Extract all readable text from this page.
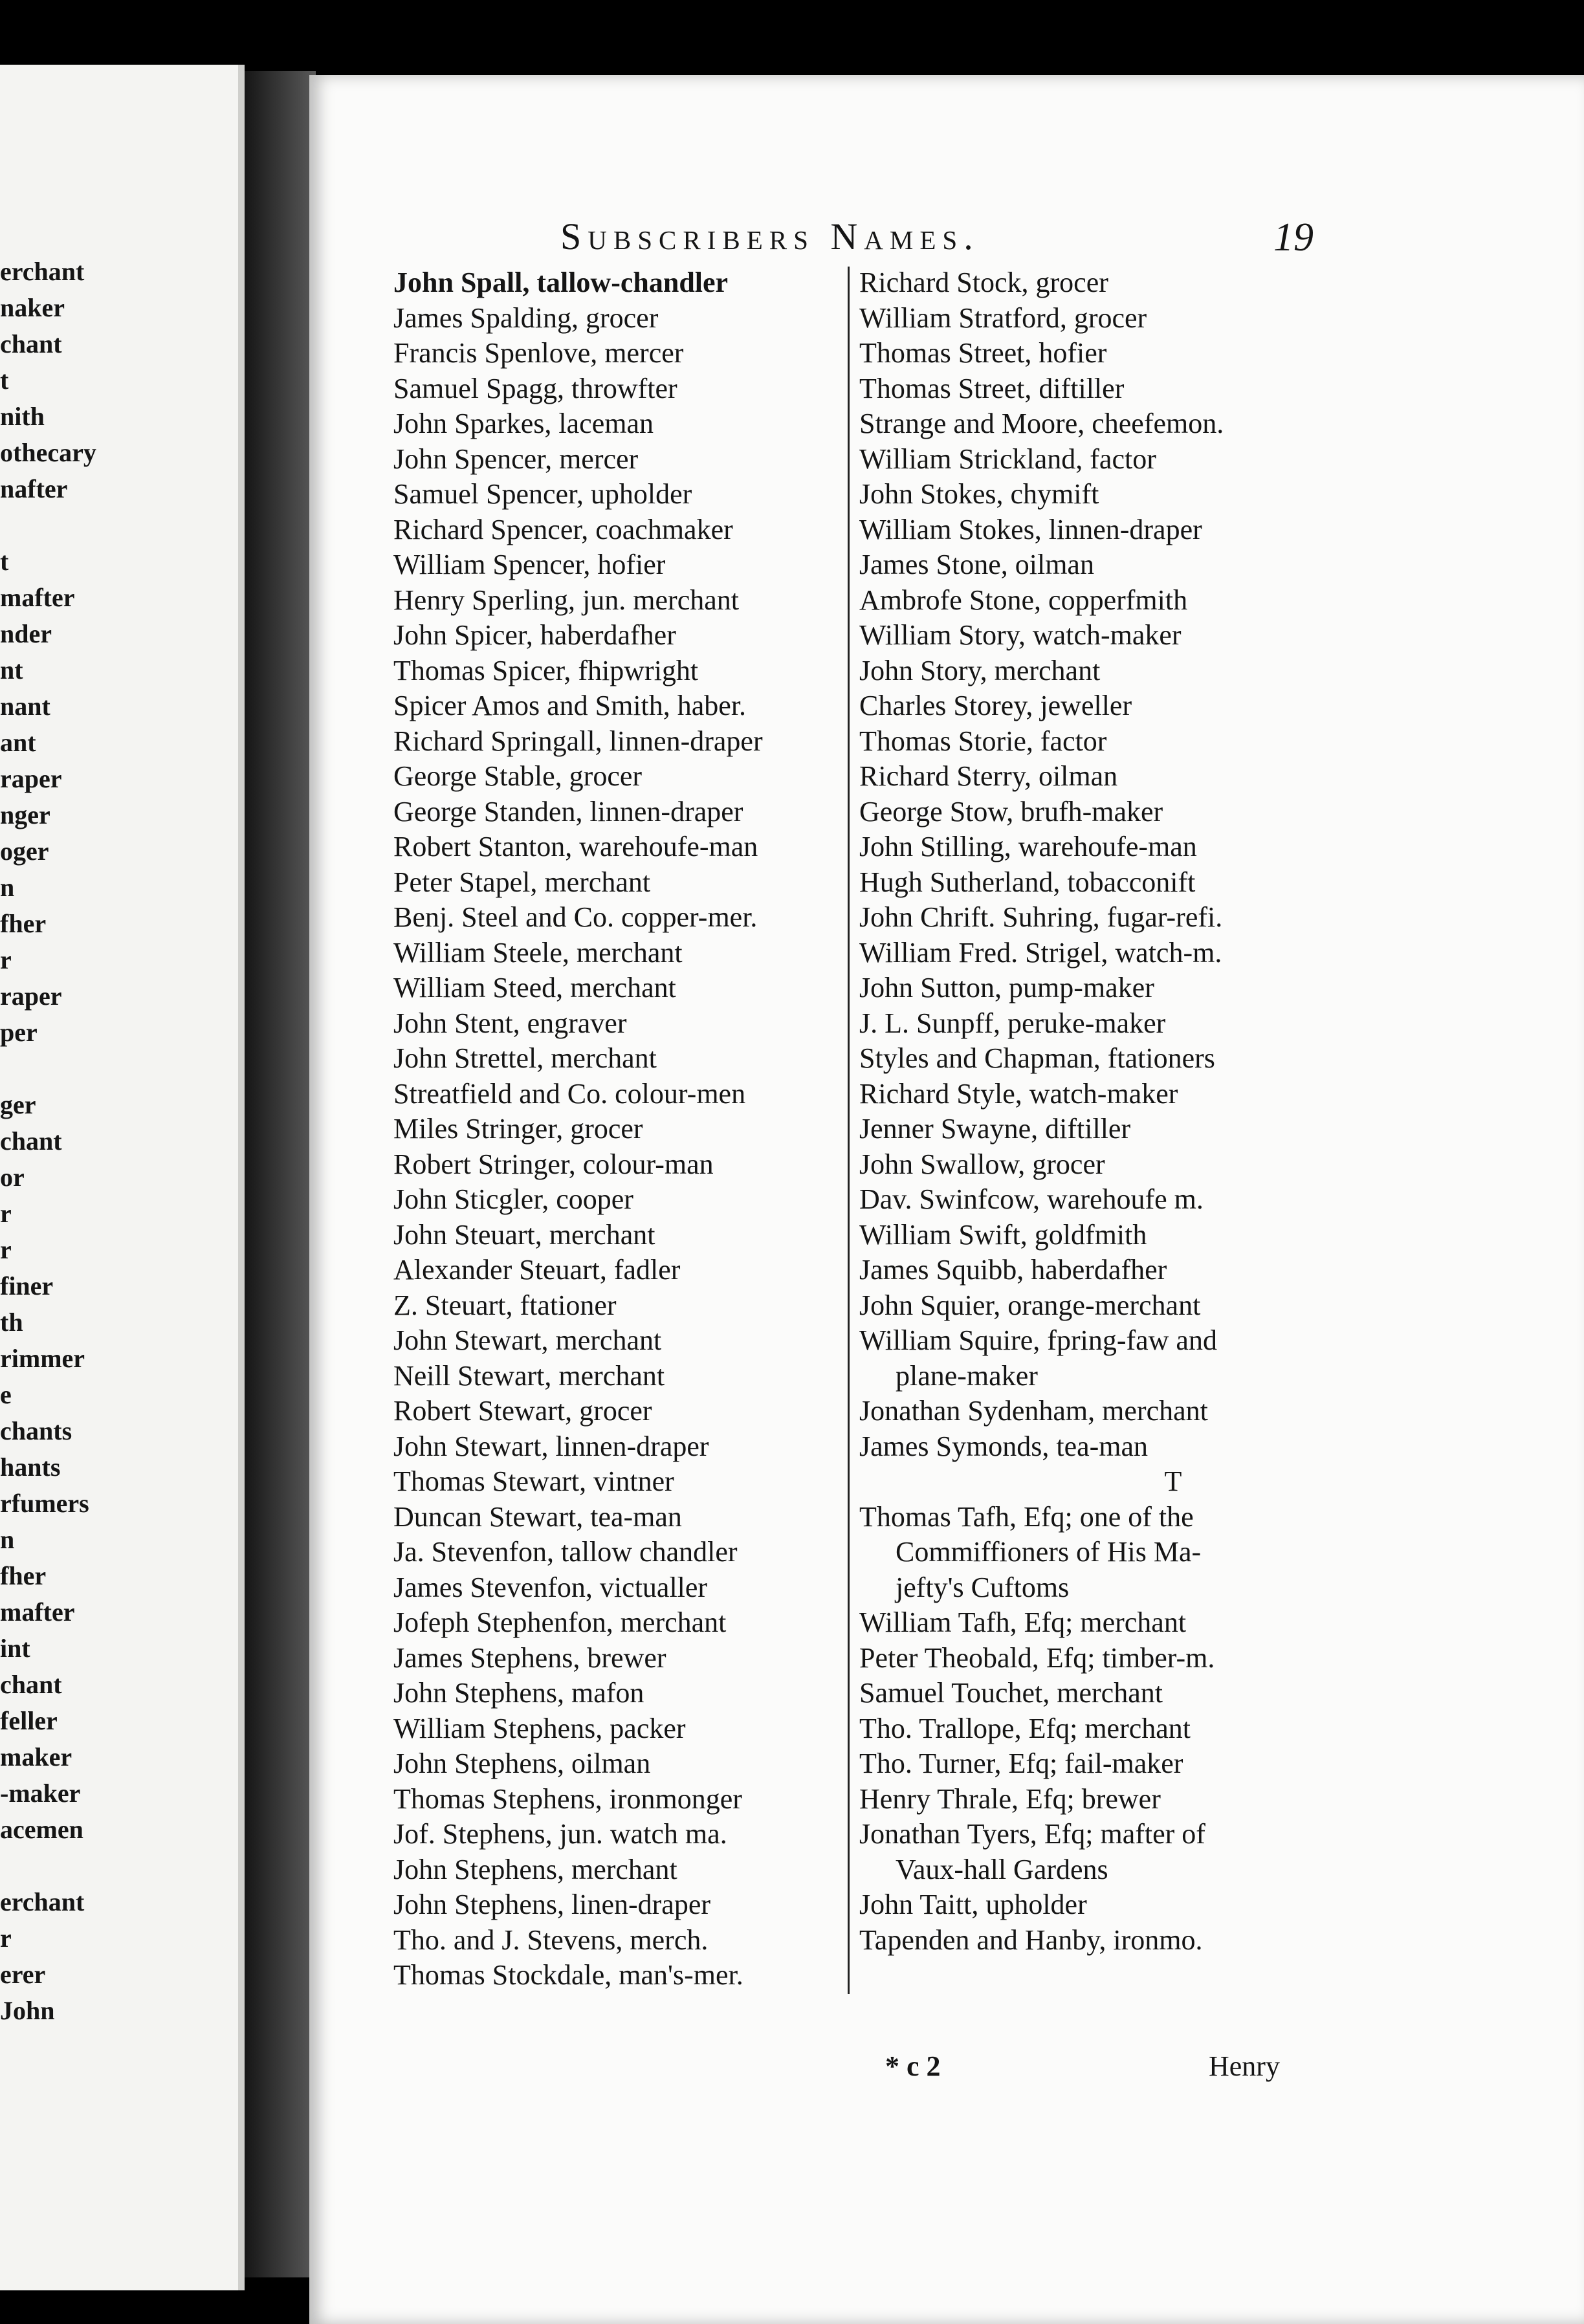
erchant
naker
chant
t
nith
othecary
nafter
t
mafter
nder
nt
nant
ant
raper
nger
oger
n
fher
r
raper
per
ger
chant
or
r
r
finer
th
rimmer
e
chants
hants
rfumers
n
fher
mafter
int
chant
feller
maker
-maker
acemen
erchant
r
erer
John
Subscribers Names.	19
John Spall, tallow-chandler
James Spalding, grocer
Francis Spenlove, mercer
Samuel Spagg, throwfter
John Sparkes, laceman
John Spencer, mercer
Samuel Spencer, upholder
Richard Spencer, coachmaker
William Spencer, hofier
Henry Sperling, jun. merchant
John Spicer, haberdafher
Thomas Spicer, fhipwright
Spicer Amos and Smith, haber.
Richard Springall, linnen-draper
George Stable, grocer
George Standen, linnen-draper
Robert Stanton, warehoufe-man
Peter Stapel, merchant
Benj. Steel and Co. copper-mer.
William Steele, merchant
William Steed, merchant
John Stent, engraver
John Strettel, merchant
Streatfield and Co. colour-men
Miles Stringer, grocer
Robert Stringer, colour-man
John Sticgler, cooper
John Steuart, merchant
Alexander Steuart, fadler
Z. Steuart, ftationer
John Stewart, merchant
Neill Stewart, merchant
Robert Stewart, grocer
John Stewart, linnen-draper
Thomas Stewart, vintner
Duncan Stewart, tea-man
Ja. Stevenfon, tallow chandler
James Stevenfon, victualler
Jofeph Stephenfon, merchant
James Stephens, brewer
John Stephens, mafon
William Stephens, packer
John Stephens, oilman
Thomas Stephens, ironmonger
Jof. Stephens, jun. watch ma.
John Stephens, merchant
John Stephens, linen-draper
Tho. and J. Stevens, merch.
Thomas Stockdale, man's-mer.
Richard Stock, grocer
William Stratford, grocer
Thomas Street, hofier
Thomas Street, diftiller
Strange and Moore, cheefemon.
William Strickland, factor
John Stokes, chymift
William Stokes, linnen-draper
James Stone, oilman
Ambrofe Stone, copperfmith
William Story, watch-maker
John Story, merchant
Charles Storey, jeweller
Thomas Storie, factor
Richard Sterry, oilman
George Stow, brufh-maker
John Stilling, warehoufe-man
Hugh Sutherland, tobacconift
John Chrift. Suhring, fugar-refi.
William Fred. Strigel, watch-m.
John Sutton, pump-maker
J. L. Sunpff, peruke-maker
Styles and Chapman, ftationers
Richard Style, watch-maker
Jenner Swayne, diftiller
John Swallow, grocer
Dav. Swinfcow, warehoufe m.
William Swift, goldfmith
James Squibb, haberdafher
John Squier, orange-merchant
William Squire, fpring-faw and
plane-maker
Jonathan Sydenham, merchant
James Symonds, tea-man
T
Thomas Tafh, Efq; one of the
Commiffioners of His Ma-
jefty's Cuftoms
William Tafh, Efq; merchant
Peter Theobald, Efq; timber-m.
Samuel Touchet, merchant
Tho. Trallope, Efq; merchant
Tho. Turner, Efq; fail-maker
Henry Thrale, Efq; brewer
Jonathan Tyers, Efq; mafter of
Vaux-hall Gardens
John Taitt, upholder
Tapenden and Hanby, ironmo.
* c 2	Henry
